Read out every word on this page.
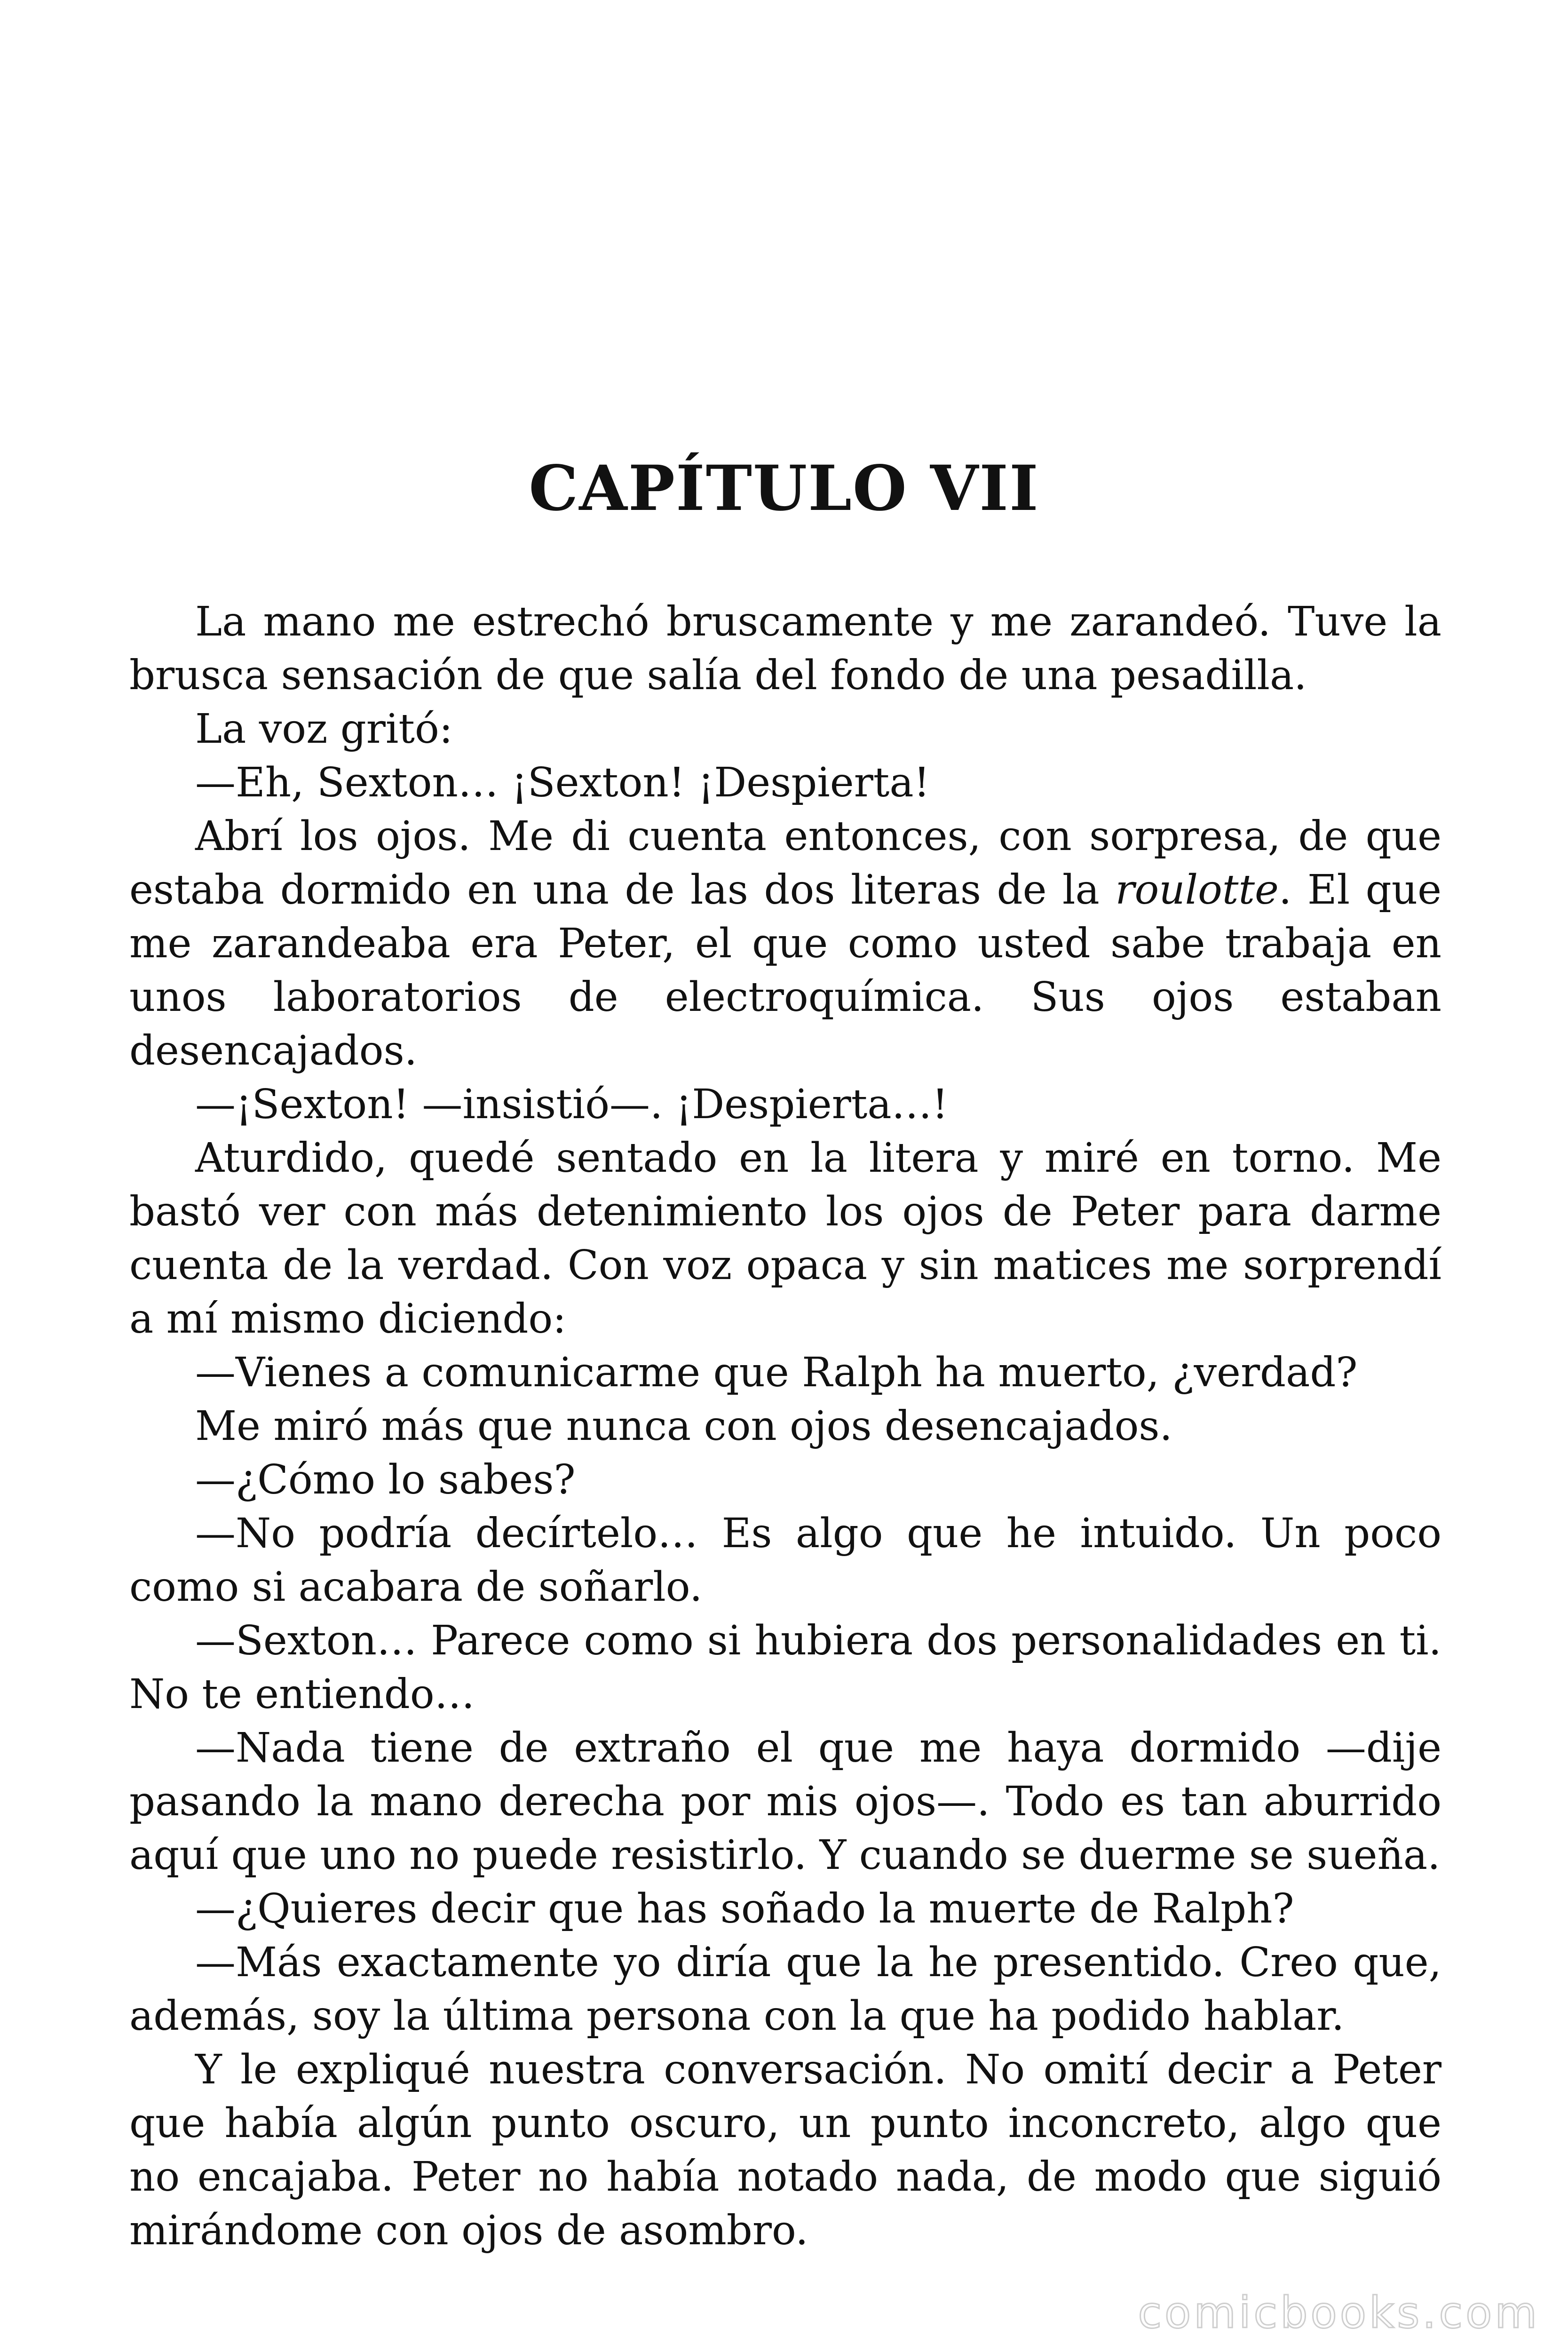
CAPÍTULO VII

La mano me estrechó bruscamente y me zarandeó. Tuve la brusca sensación de que salía del fondo de una pesadilla.

La voz gritó:

—Eh, Sexton… ¡Sexton! ¡Despierta!

Abrí los ojos. Me di cuenta entonces, con sorpresa, de que estaba dormido en una de las dos literas de la roulotte. El que me zarandeaba era Peter, el que como usted sabe trabaja en unos laboratorios de electroquímica. Sus ojos estaban desencajados.

—¡Sexton! —insistió—. ¡Despierta…!

Aturdido, quedé sentado en la litera y miré en torno. Me bastó ver con más detenimiento los ojos de Peter para darme cuenta de la verdad. Con voz opaca y sin matices me sorprendí a mí mismo diciendo:

—Vienes a comunicarme que Ralph ha muerto, ¿verdad?

Me miró más que nunca con ojos desencajados.

—¿Cómo lo sabes?

—No podría decírtelo… Es algo que he intuido. Un poco como si acabara de soñarlo.

—Sexton… Parece como si hubiera dos personalidades en ti. No te entiendo…

—Nada tiene de extraño el que me haya dormido —dije pasando la mano derecha por mis ojos—. Todo es tan aburrido aquí que uno no puede resistirlo. Y cuando se duerme se sueña.

—¿Quieres decir que has soñado la muerte de Ralph?

—Más exactamente yo diría que la he presentido. Creo que, además, soy la última persona con la que ha podido hablar.

Y le expliqué nuestra conversación. No omití decir a Peter que había algún punto oscuro, un punto inconcreto, algo que no encajaba. Peter no había notado nada, de modo que siguió mirándome con ojos de asombro.

comicbooks.com
